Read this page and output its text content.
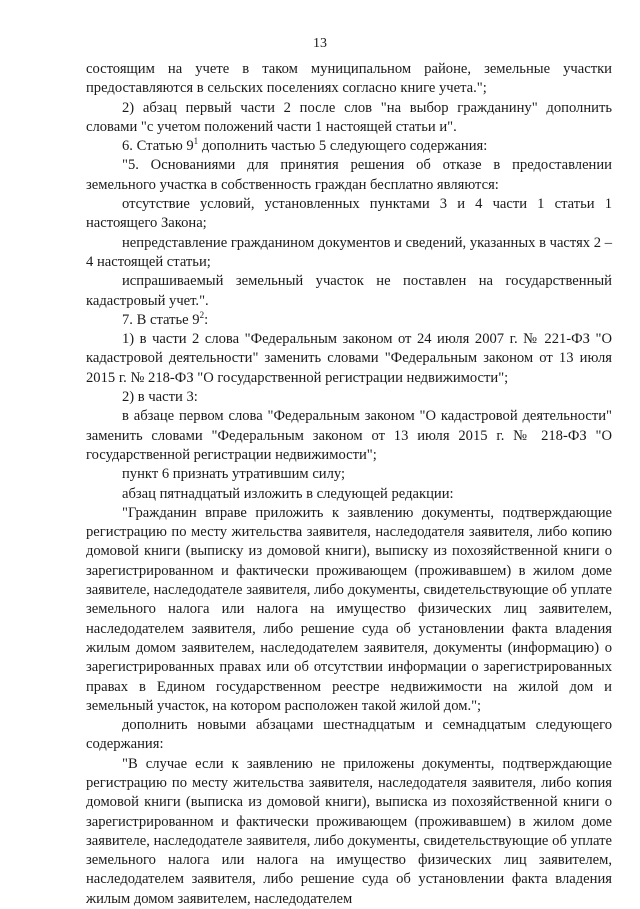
13

состоящим на учете в таком муниципальном районе, земельные участки предоставляются в сельских поселениях согласно книге учета.";

2) абзац первый части 2 после слов "на выбор гражданину" дополнить словами "с учетом положений части 1 настоящей статьи и".

6. Статью $9^1$ дополнить частью 5 следующего содержания:

"5. Основаниями для принятия решения об отказе в предоставлении земельного участка в собственность граждан бесплатно являются:

отсутствие условий, установленных пунктами 3 и 4 части 1 статьи 1 настоящего Закона;

непредставление гражданином документов и сведений, указанных в частях 2 – 4 настоящей статьи;

испрашиваемый земельный участок не поставлен на государственный кадастровый учет.".

7. В статье $9^2$:

1) в части 2 слова "Федеральным законом от 24 июля 2007 г. № 221-ФЗ "О кадастровой деятельности" заменить словами "Федеральным законом от 13 июля 2015 г. № 218-ФЗ "О государственной регистрации недвижимости";

2) в части 3:

в абзаце первом слова "Федеральным законом "О кадастровой деятельности" заменить словами "Федеральным законом от 13 июля 2015 г. № 218-ФЗ "О государственной регистрации недвижимости";

пункт 6 признать утратившим силу;

абзац пятнадцатый изложить в следующей редакции:

"Гражданин вправе приложить к заявлению документы, подтверждающие регистрацию по месту жительства заявителя, наследодателя заявителя, либо копию домовой книги (выписку из домовой книги), выписку из похозяйственной книги о зарегистрированном и фактически проживающем (проживавшем) в жилом доме заявителе, наследодателе заявителя, либо документы, свидетельствующие об уплате земельного налога или налога на имущество физических лиц заявителем, наследодателем заявителя, либо решение суда об установлении факта владения жилым домом заявителем, наследодателем заявителя, документы (информацию) о зарегистрированных правах или об отсутствии информации о зарегистрированных правах в Едином государственном реестре недвижимости на жилой дом и земельный участок, на котором расположен такой жилой дом.";

дополнить новыми абзацами шестнадцатым и семнадцатым следующего содержания:

"В случае если к заявлению не приложены документы, подтверждающие регистрацию по месту жительства заявителя, наследодателя заявителя, либо копия домовой книги (выписка из домовой книги), выписка из похозяйственной книги о зарегистрированном и фактически проживающем (проживавшем) в жилом доме заявителе, наследодателе заявителя, либо документы, свидетельствующие об уплате земельного налога или налога на имущество физических лиц заявителем, наследодателем заявителя, либо решение суда об установлении факта владения жилым домом заявителем, наследодателем
